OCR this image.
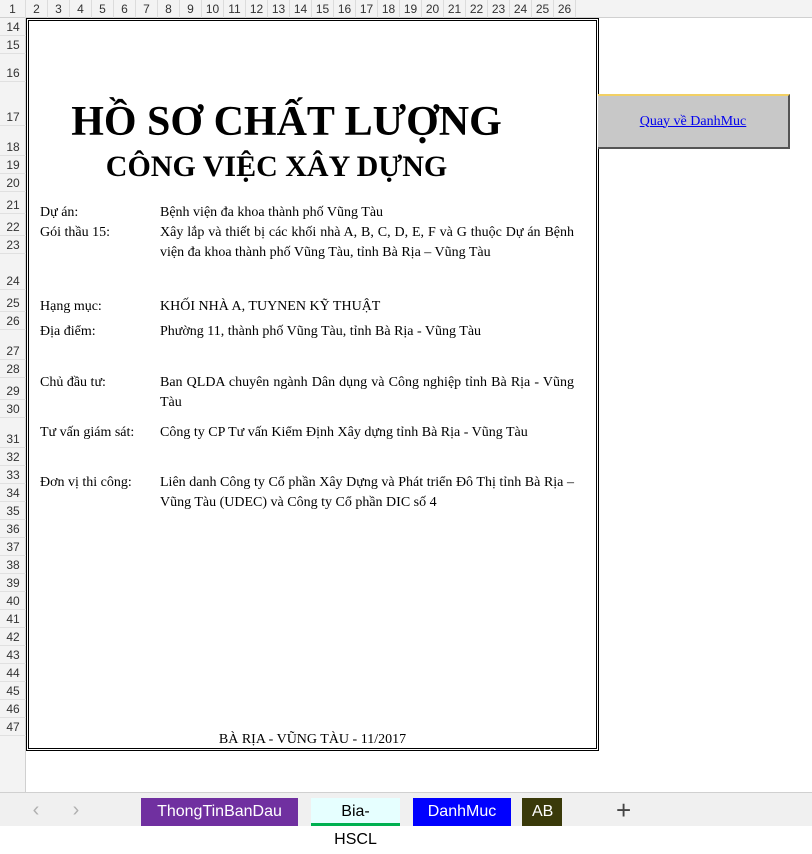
1	2	3	4	5	6	7	8	9 10 11 12 13 14 15 16 17 18 19 20 21 22 23 24 25 26
14
15
16
17
18
19
20
21
22
23
24
25
26
27
28
29
30
31
32
33
34
35
36
37
38
39
40
41
42
43
44
45
46
47
HỒ SƠ CHẤT LƯỢNG
CÔNG VIỆC XÂY DỰNG
Dự án:	Bệnh viện đa khoa thành phố Vũng Tàu
Gói thầu 15:	Xây lắp và thiết bị các khối nhà A, B, C, D, E, F và G thuộc Dự án Bệnh viện đa khoa thành phố Vũng Tàu, tỉnh Bà Rịa – Vũng Tàu
Hạng mục:	KHỐI NHÀ A, TUYNEN KỸ THUẬT
Địa điểm:	Phường 11, thành phố Vũng Tàu, tỉnh Bà Rịa - Vũng Tàu
Chủ đầu tư:	Ban QLDA chuyên ngành Dân dụng và Công nghiệp tỉnh Bà Rịa - Vũng Tàu
Tư vấn giám sát: Công ty CP Tư vấn Kiểm Định Xây dựng tỉnh Bà Rịa - Vũng Tàu
Đơn vị thi công: Liên danh Công ty Cổ phần Xây Dựng và Phát triển Đô Thị tỉnh Bà Rịa – Vũng Tàu (UDEC) và Công ty Cổ phần DIC số 4
BÀ RỊA - VŨNG TÀU - 11/2017
Quay về DanhMuc
‹	›	ThongTinBanDau	Bia-HSCL
DanhMuc	AB	+
